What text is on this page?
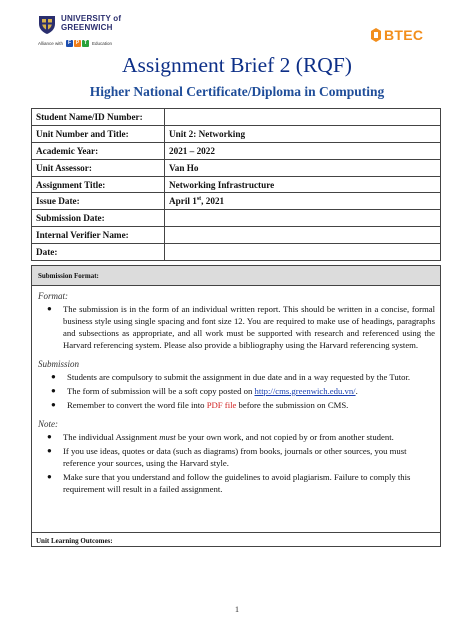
UNIVERSITY of
GREENWICH
Alliance with F P T	Education
BTEC
Assignment Brief 2 (RQF)
Higher National Certificate/Diploma in Computing
Student Name/ID Number:	
Unit Number and Title:	Unit 2: Networking
Academic Year:	2021 – 2022
Unit Assessor:	Van Ho
Assignment Title:	Networking Infrastructure
Issue Date:	April 1st, 2021
Submission Date:	
Internal Verifier Name:	
Date:	
Submission Format:
Format:
● The submission is in the form of an individual written report. This should be written in a concise, formal business style using single spacing and font size 12. You are required to make use of headings, paragraphs and subsections as appropriate, and all work must be supported with research and referenced using the Harvard referencing system. Please also provide a bibliography using the Harvard referencing system.
Submission
● Students are compulsory to submit the assignment in due date and in a way requested by the Tutor.
● The form of submission will be a soft copy posted on http://cms.greenwich.edu.vn/.
● Remember to convert the word file into PDF file before the submission on CMS.
Note:
● The individual Assignment must be your own work, and not copied by or from another student.
● If you use ideas, quotes or data (such as diagrams) from books, journals or other sources, you must reference your sources, using the Harvard style.
● Make sure that you understand and follow the guidelines to avoid plagiarism. Failure to comply this requirement will result in a failed assignment.
Unit Learning Outcomes:
1
